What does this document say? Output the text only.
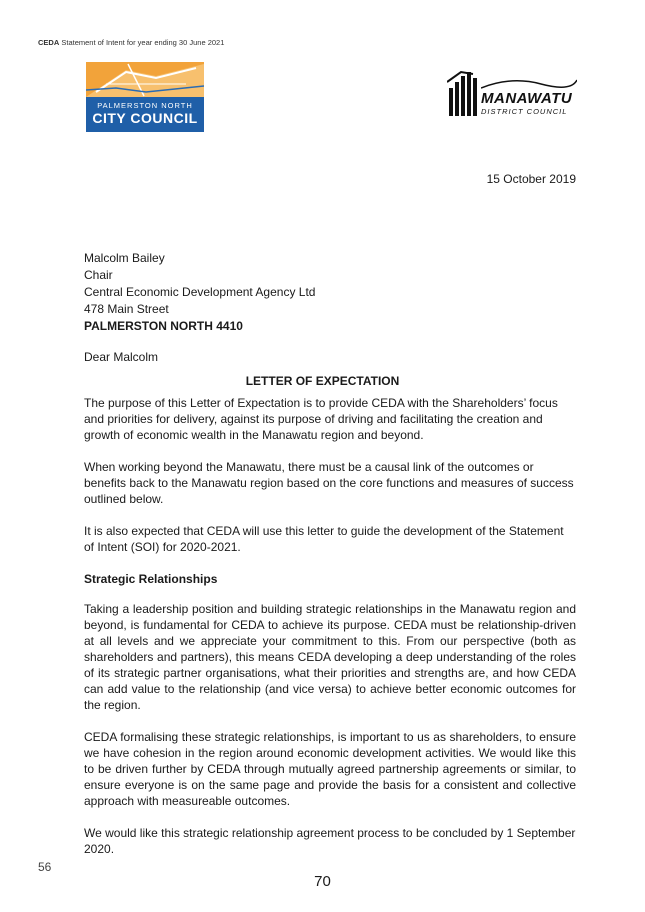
CEDA Statement of Intent for year ending 30 June 2021
PALMERSTON NORTH
CITY COUNCIL
MANAWATU
DISTRICT COUNCIL
15 October 2019
Malcolm Bailey
Chair
Central Economic Development Agency Ltd
478 Main Street
PALMERSTON NORTH 4410
Dear Malcolm
LETTER OF EXPECTATION
The purpose of this Letter of Expectation is to provide CEDA with the Shareholders’ focus and priorities for delivery, against its purpose of driving and facilitating the creation and growth of economic wealth in the Manawatu region and beyond.
When working beyond the Manawatu, there must be a causal link of the outcomes or benefits back to the Manawatu region based on the core functions and measures of success outlined below.
It is also expected that CEDA will use this letter to guide the development of the Statement of Intent (SOI) for 2020-2021.
Strategic Relationships
Taking a leadership position and building strategic relationships in the Manawatu region and beyond, is fundamental for CEDA to achieve its purpose. CEDA must be relationship-driven at all levels and we appreciate your commitment to this. From our perspective (both as shareholders and partners), this means CEDA developing a deep understanding of the roles of its strategic partner organisations, what their priorities and strengths are, and how CEDA can add value to the relationship (and vice versa) to achieve better economic outcomes for the region.
CEDA formalising these strategic relationships, is important to us as shareholders, to ensure we have cohesion in the region around economic development activities. We would like this to be driven further by CEDA through mutually agreed partnership agreements or similar, to ensure everyone is on the same page and provide the basis for a consistent and collective approach with measureable outcomes.
We would like this strategic relationship agreement process to be concluded by 1 September 2020.
56
70
